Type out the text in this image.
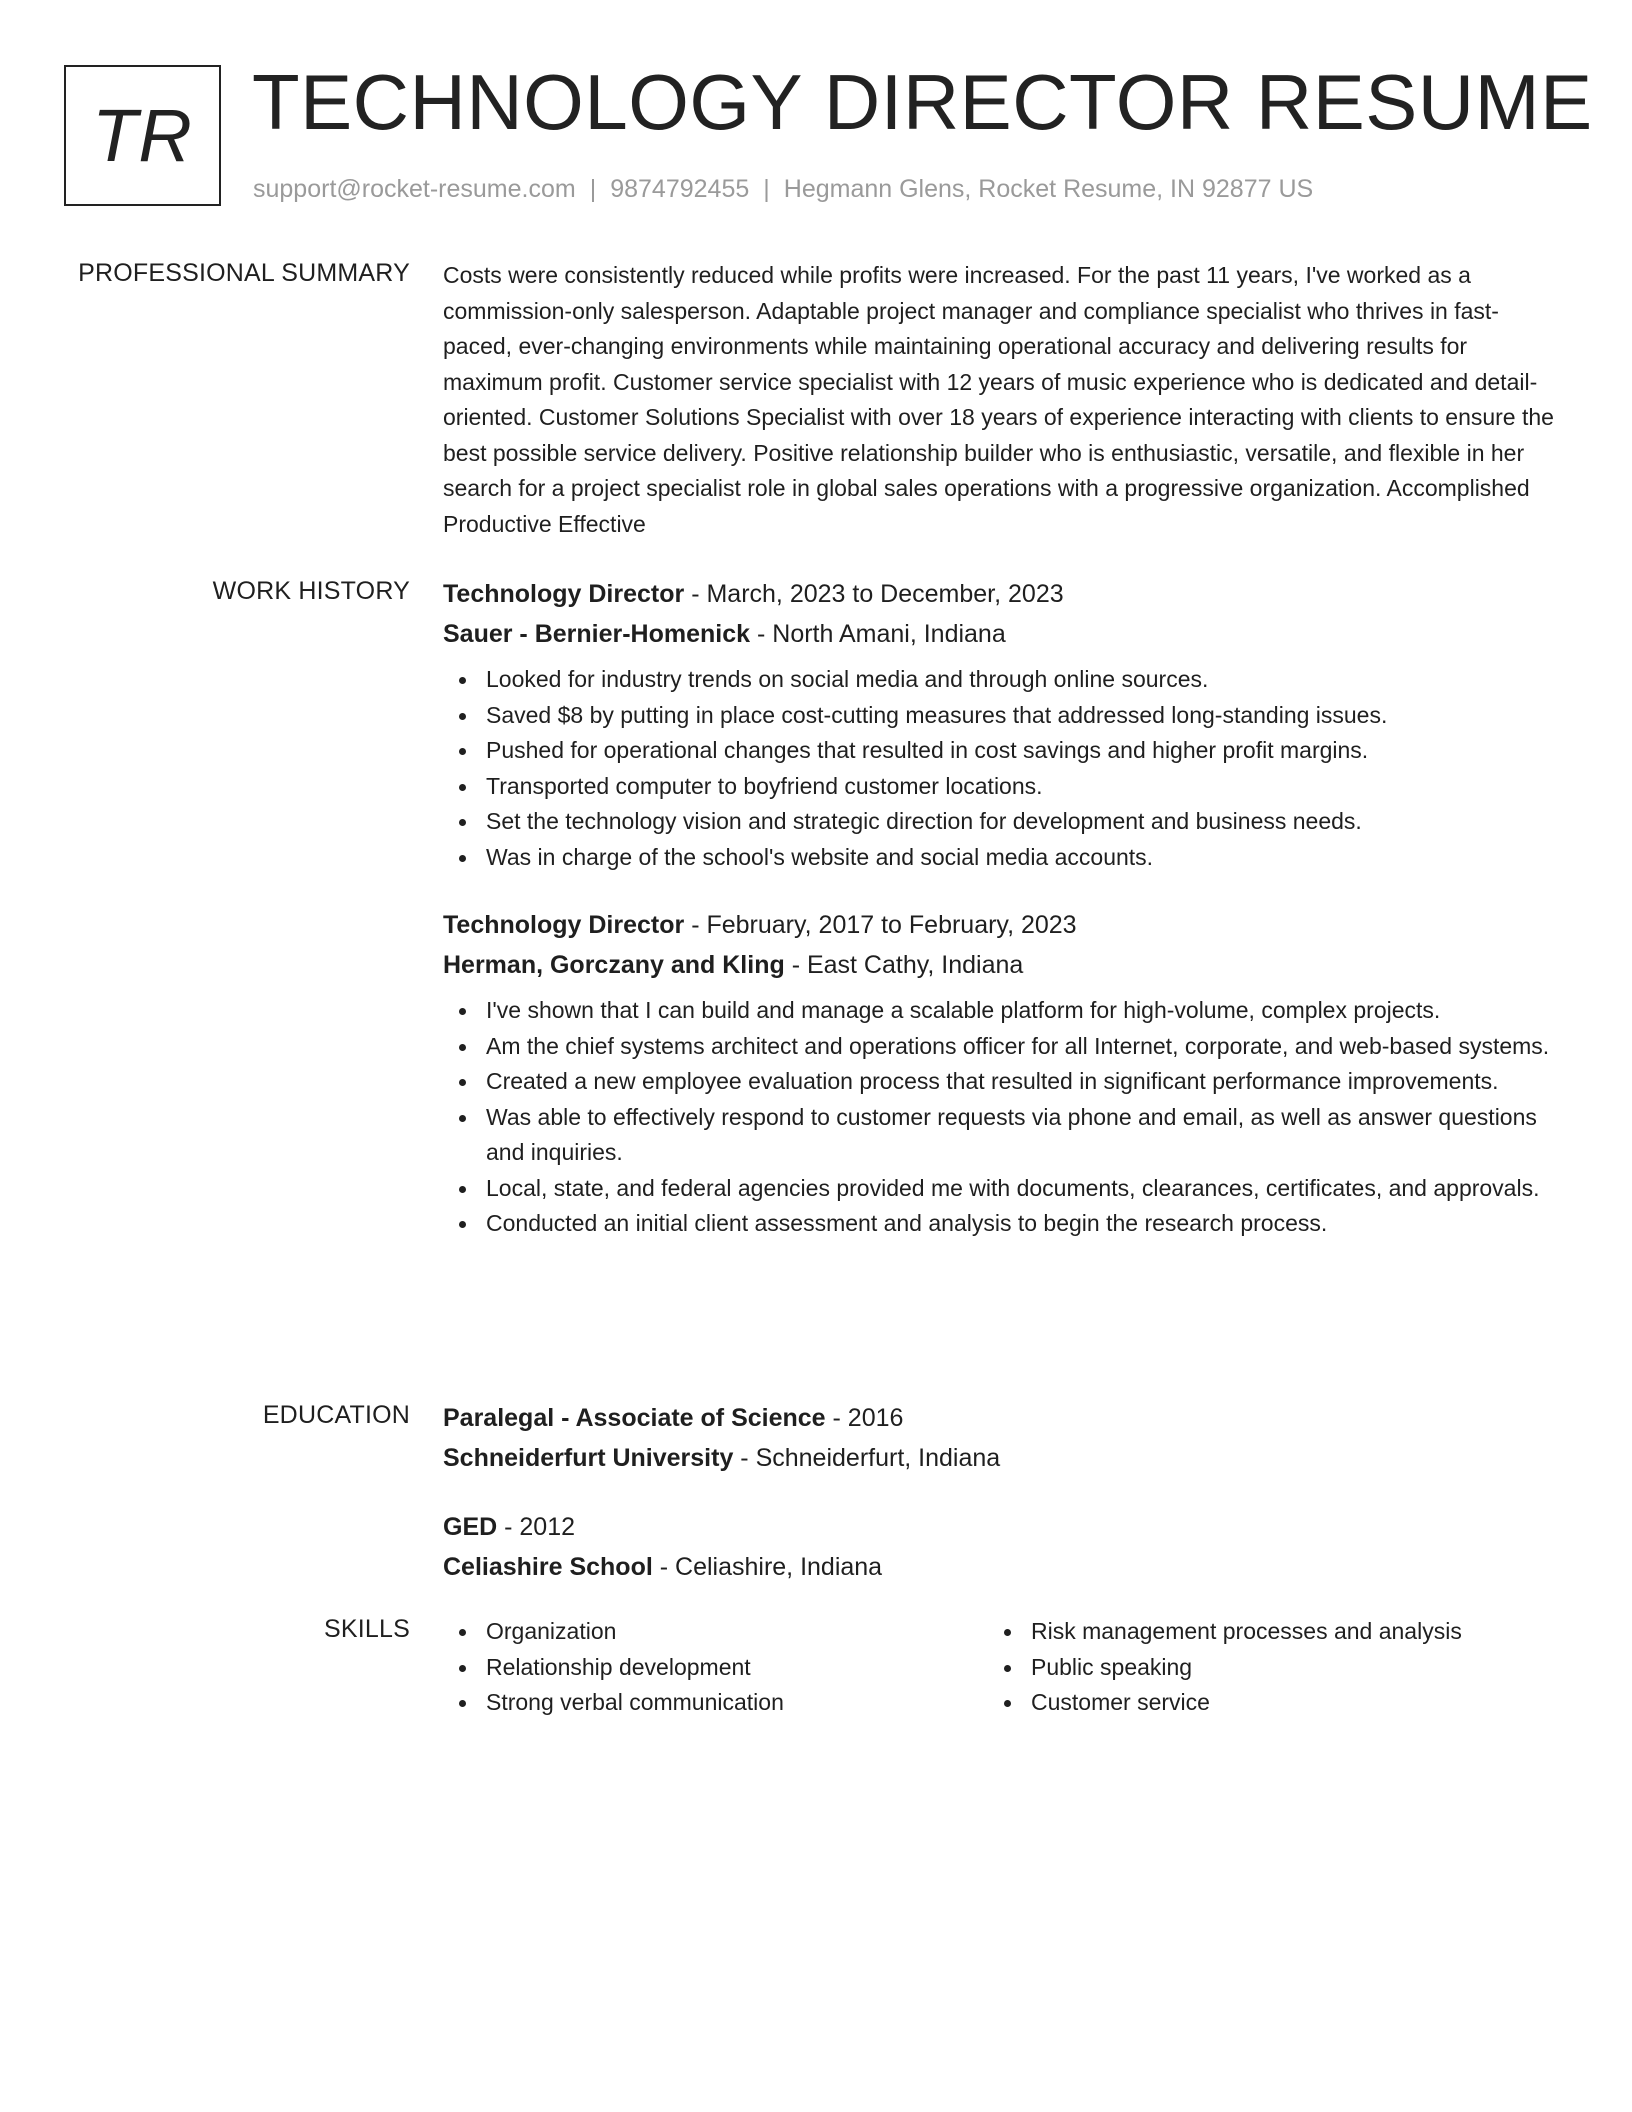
TR TECHNOLOGY DIRECTOR RESUME
support@rocket-resume.com | 9874792455 | Hegmann Glens, Rocket Resume, IN 92877 US
PROFESSIONAL SUMMARY Costs were consistently reduced while profits were increased. For the past 11 years, I've worked as a commission-only salesperson. Adaptable project manager and compliance specialist who thrives in fast-paced, ever-changing environments while maintaining operational accuracy and delivering results for maximum profit. Customer service specialist with 12 years of music experience who is dedicated and detail-oriented. Customer Solutions Specialist with over 18 years of experience interacting with clients to ensure the best possible service delivery. Positive relationship builder who is enthusiastic, versatile, and flexible in her search for a project specialist role in global sales operations with a progressive organization. Accomplished Productive Effective

WORK HISTORY Technology Director - March, 2023 to December, 2023
Sauer - Bernier-Homenick - North Amani, Indiana
Looked for industry trends on social media and through online sources.
Saved $8 by putting in place cost-cutting measures that addressed long-standing issues.
Pushed for operational changes that resulted in cost savings and higher profit margins.
Transported computer to boyfriend customer locations.
Set the technology vision and strategic direction for development and business needs.
Was in charge of the school's website and social media accounts.
Technology Director - February, 2017 to February, 2023
Herman, Gorczany and Kling - East Cathy, Indiana
I've shown that I can build and manage a scalable platform for high-volume, complex projects.
Am the chief systems architect and operations officer for all Internet, corporate, and web-based systems.
Created a new employee evaluation process that resulted in significant performance improvements.
Was able to effectively respond to customer requests via phone and email, as well as answer questions and inquiries.
Local, state, and federal agencies provided me with documents, clearances, certificates, and approvals.
Conducted an initial client assessment and analysis to begin the research process.
EDUCATION Paralegal - Associate of Science - 2016
Schneiderfurt University - Schneiderfurt, Indiana
GED - 2012
Celiashire School - Celiashire, Indiana
SKILLS	Organization
Relationship development
Strong verbal communication
Risk management processes and analysis
Public speaking
Customer service
